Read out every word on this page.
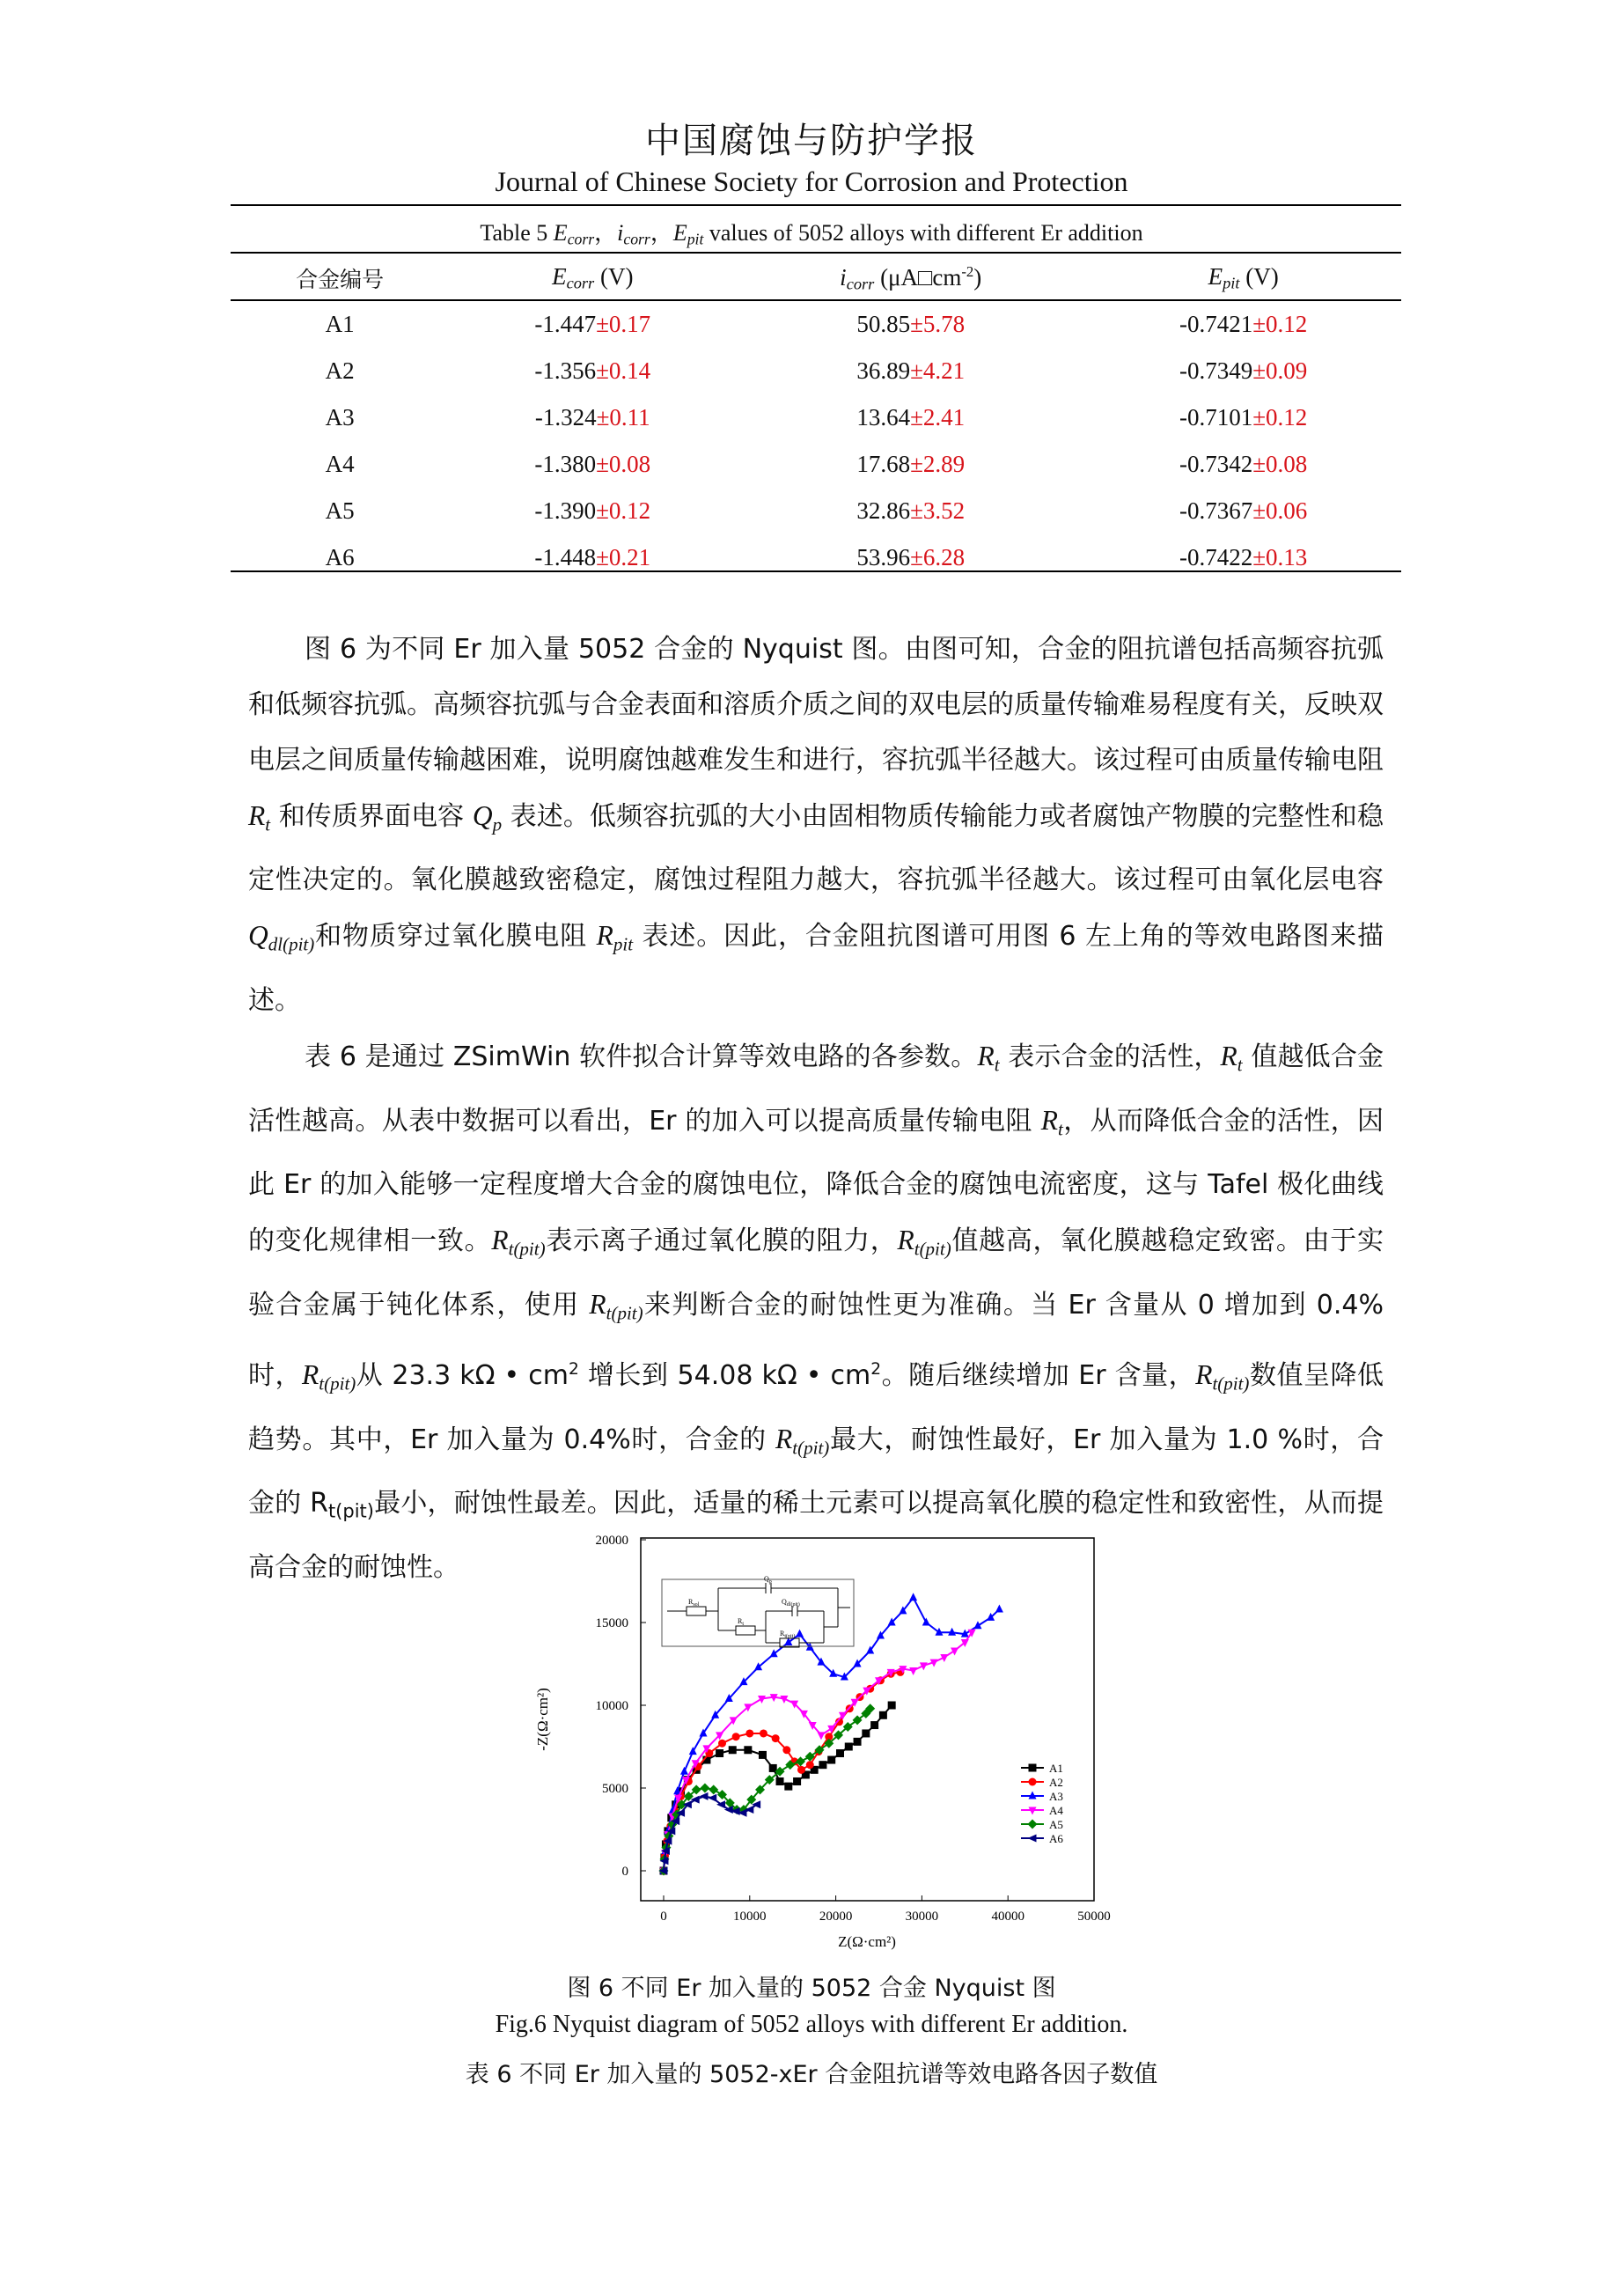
中国腐蚀与防护学报
Journal of Chinese Society for Corrosion and Protection
Table 5 $E_{corr}$，$i_{corr}$，$E_{pit}$ values of 5052 alloys with different Er addition
合金编号	$E_{corr}$ (V)	$i_{corr}$ $(\mu A□cm^{-2})$	$E_{pit}$ (V)
A1	-1.447±0.17	50.85±5.78	-0.7421±0.12
A2	-1.356±0.14	36.89±4.21	-0.7349±0.09
A3	-1.324±0.11	13.64±2.41	-0.7101±0.12
A4	-1.380±0.08	17.68±2.89	-0.7342±0.08
A5	-1.390±0.12	32.86±3.52	-0.7367±0.06
A6	-1.448±0.21	53.96±6.28	-0.7422±0.13

图 6 为不同 Er 加入量 5052 合金的 Nyquist 图。由图可知，合金的阻抗谱包括高频容抗弧和低频容抗弧。高频容抗弧与合金表面和溶质介质之间的双电层的质量传输难易程度有关，反映双电层之间质量传输越困难，说明腐蚀越难发生和进行，容抗弧半径越大。该过程可由质量传输电阻 $R_t$ 和传质界面电容 $Q_p$ 表述。低频容抗弧的大小由固相物质传输能力或者腐蚀产物膜的完整性和稳定性决定的。氧化膜越致密稳定，腐蚀过程阻力越大，容抗弧半径越大。该过程可由氧化层电容 $Q_{dl(pit)}$和物质穿过氧化膜电阻 $R_{pit}$ 表述。因此，合金阻抗图谱可用图 6 左上角的等效电路图来描述。

表 6 是通过 ZSimWin 软件拟合计算等效电路的各参数。$R_t$ 表示合金的活性，$R_t$ 值越低合金活性越高。从表中数据可以看出，Er 的加入可以提高质量传输电阻 $R_t$，从而降低合金的活性，因此 Er 的加入能够一定程度增大合金的腐蚀电位，降低合金的腐蚀电流密度，这与 Tafel 极化曲线的变化规律相一致。$R_{t(pit)}$表示离子通过氧化膜的阻力，$R_{t(pit)}$值越高，氧化膜越稳定致密。由于实验合金属于钝化体系，使用 $R_{t(pit)}$来判断合金的耐蚀性更为准确。当 Er 含量从 0 增加到 0.4%时，$R_{t(pit)}$从 23.3 kΩ • $cm^2$ 增长到 54.08 kΩ • $cm^2$。随后继续增加 Er 含量，$R_{t(pit)}$数值呈降低趋势。其中，Er 加入量为 0.4%时，合金的 $R_{t(pit)}$最大，耐蚀性最好，Er 加入量为 1.0 %时，合金的 $R_{t(pit)}$最小，耐蚀性最差。因此，适量的稀土元素可以提高氧化膜的稳定性和致密性，从而提高合金的耐蚀性。

0	10000	20000	30000	40000	50000
0
5000
10000
15000
20000
A1
A2
A3
A4
A5
A6
$R_{sol}$
$Q_p$
$Q_{dl(pit)}$
$R_t$
$R_{t(pit)}$
Z(Ω·cm²)
-Z(Ω·cm²)
图 6 不同 Er 加入量的 5052 合金 Nyquist 图
Fig.6 Nyquist diagram of 5052 alloys with different Er addition.
表 6 不同 Er 加入量的 5052-xEr 合金阻抗谱等效电路各因子数值
